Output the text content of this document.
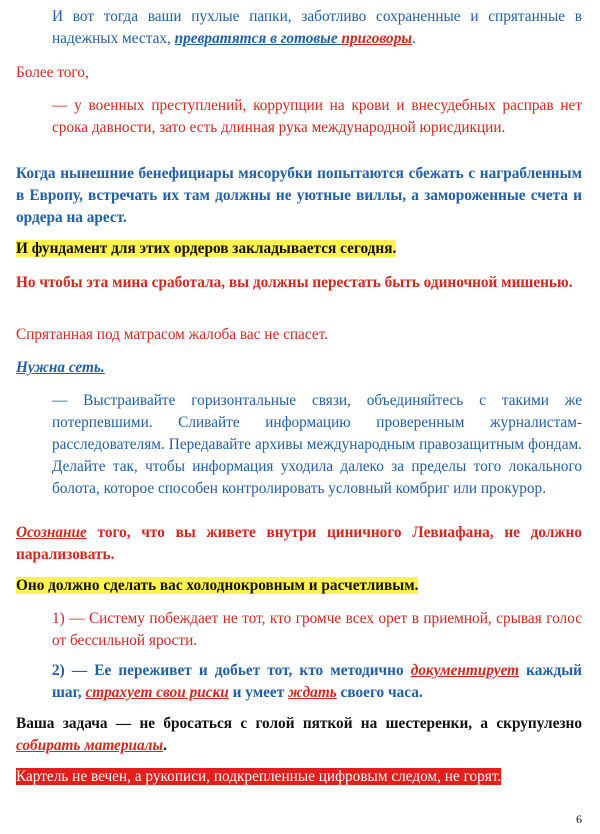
И вот тогда ваши пухлые папки, заботливо сохраненные и спрятанные в надежных местах, превратятся в готовые приговоры.

Более того,

— у военных преступлений, коррупции на крови и внесудебных расправ нет срока давности, зато есть длинная рука международной юрисдикции.

Когда нынешние бенефициары мясорубки попытаются сбежать с награбленным в Европу, встречать их там должны не уютные виллы, а замороженные счета и ордера на арест.

И фундамент для этих ордеров закладывается сегодня.

Но чтобы эта мина сработала, вы должны перестать быть одиночной мишенью.

Спрятанная под матрасом жалоба вас не спасет.

Нужна сеть.

— Выстраивайте горизонтальные связи, объединяйтесь с такими же потерпевшими. Сливайте информацию проверенным журналистам-расследователям. Передавайте архивы международным правозащитным фондам. Делайте так, чтобы информация уходила далеко за пределы того локального болота, которое способен контролировать условный комбриг или прокурор.

Осознание того, что вы живете внутри циничного Левиафана, не должно парализовать.

Оно должно сделать вас холоднокровным и расчетливым.

1) — Систему побеждает не тот, кто громче всех орет в приемной, срывая голос от бессильной ярости.

2) — Ее переживет и добьет тот, кто методично документирует каждый шаг, страхует свои риски и умеет ждать своего часа.

Ваша задача — не бросаться с голой пяткой на шестеренки, а скрупулезно собирать материалы.

Картель не вечен, а рукописи, подкрепленные цифровым следом, не горят.

6
